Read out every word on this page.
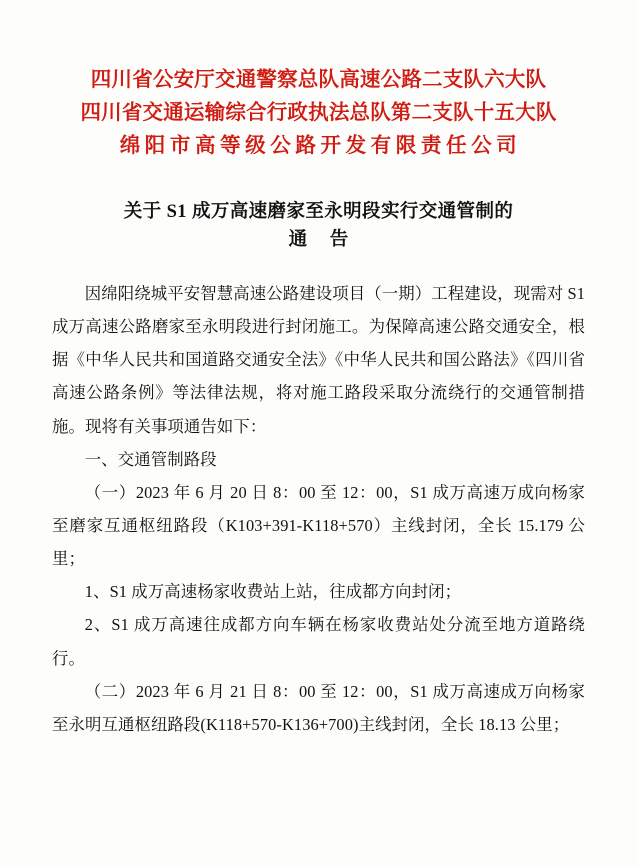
四川省公安厅交通警察总队高速公路二支队六大队
四川省交通运输综合行政执法总队第二支队十五大队
绵阳市高等级公路开发有限责任公司
关于 S1 成万高速磨家至永明段实行交通管制的
通 告

因绵阳绕城平安智慧高速公路建设项目（一期）工程建设，现需对 S1 成万高速公路磨家至永明段进行封闭施工。为保障高速公路交通安全，根据《中华人民共和国道路交通安全法》《中华人民共和国公路法》《四川省高速公路条例》等法律法规，将对施工路段采取分流绕行的交通管制措施。现将有关事项通告如下：

一、交通管制路段

（一）2023 年 6 月 20 日 8：00 至 12：00，S1 成万高速万成向杨家至磨家互通枢纽路段（K103+391-K118+570）主线封闭，全长 15.179 公里；

1、S1 成万高速杨家收费站上站，往成都方向封闭；

2、S1 成万高速往成都方向车辆在杨家收费站处分流至地方道路绕行。

（二）2023 年 6 月 21 日 8：00 至 12：00，S1 成万高速成万向杨家至永明互通枢纽路段(K118+570-K136+700)主线封闭，全长 18.13 公里；
